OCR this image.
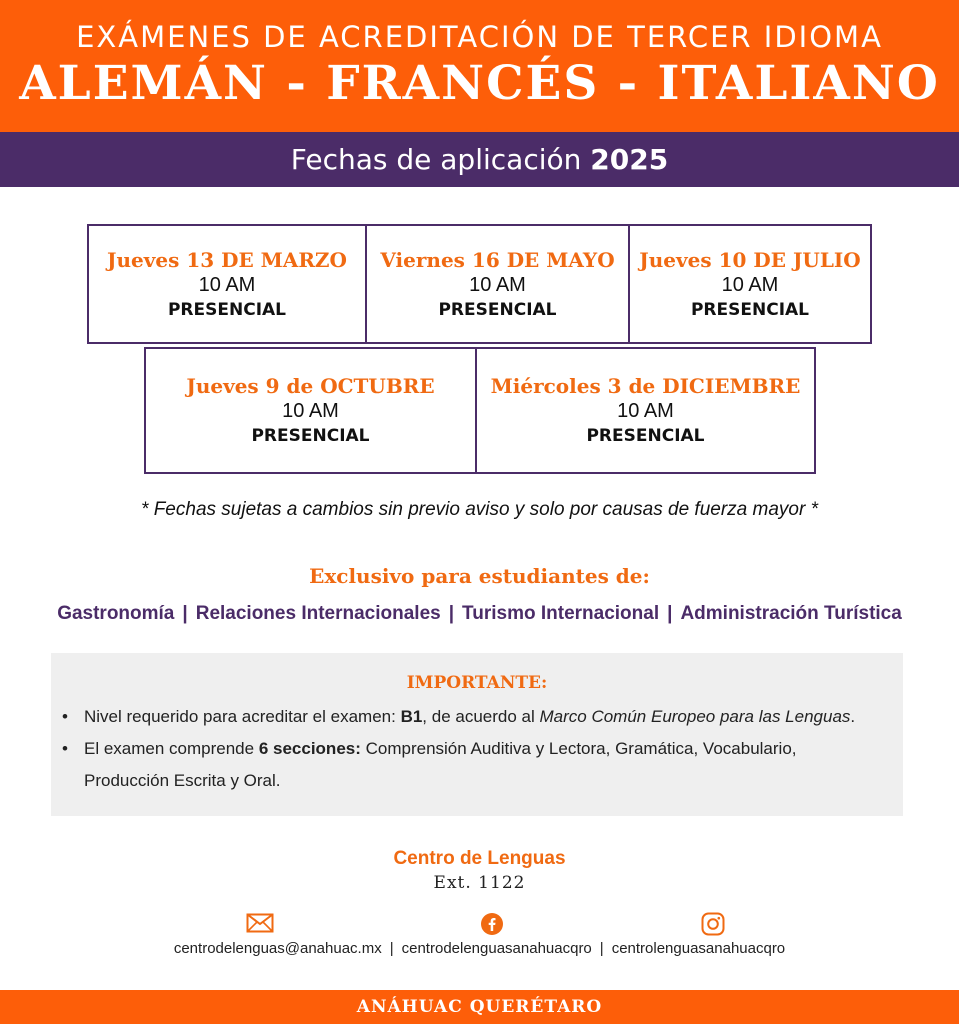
EXÁMENES DE ACREDITACIÓN DE TERCER IDIOMA
ALEMÁN - FRANCÉS - ITALIANO
Fechas de aplicación 2025
Jueves 13 DE MARZO
10 AM
PRESENCIAL
Viernes 16 DE MAYO
10 AM
PRESENCIAL
Jueves 10 DE JULIO
10 AM
PRESENCIAL
Jueves 9 de OCTUBRE
10 AM
PRESENCIAL
Miércoles 3 de DICIEMBRE
10 AM
PRESENCIAL
* Fechas sujetas a cambios sin previo aviso y solo por causas de fuerza mayor *
Exclusivo para estudiantes de:
Gastronomía | Relaciones Internacionales | Turismo Internacional | Administración Turística
IMPORTANTE:
• Nivel requerido para acreditar el examen: B1, de acuerdo al Marco Común Europeo para las Lenguas.
• El examen comprende 6 secciones: Comprensión Auditiva y Lectora, Gramática, Vocabulario, Producción Escrita y Oral.
Centro de Lenguas
Ext. 1122
centrodelenguas@anahuac.mx | centrodelenguasanahuacqro | centrolenguasanahuacqro
ANÁHUAC QUERÉTARO
